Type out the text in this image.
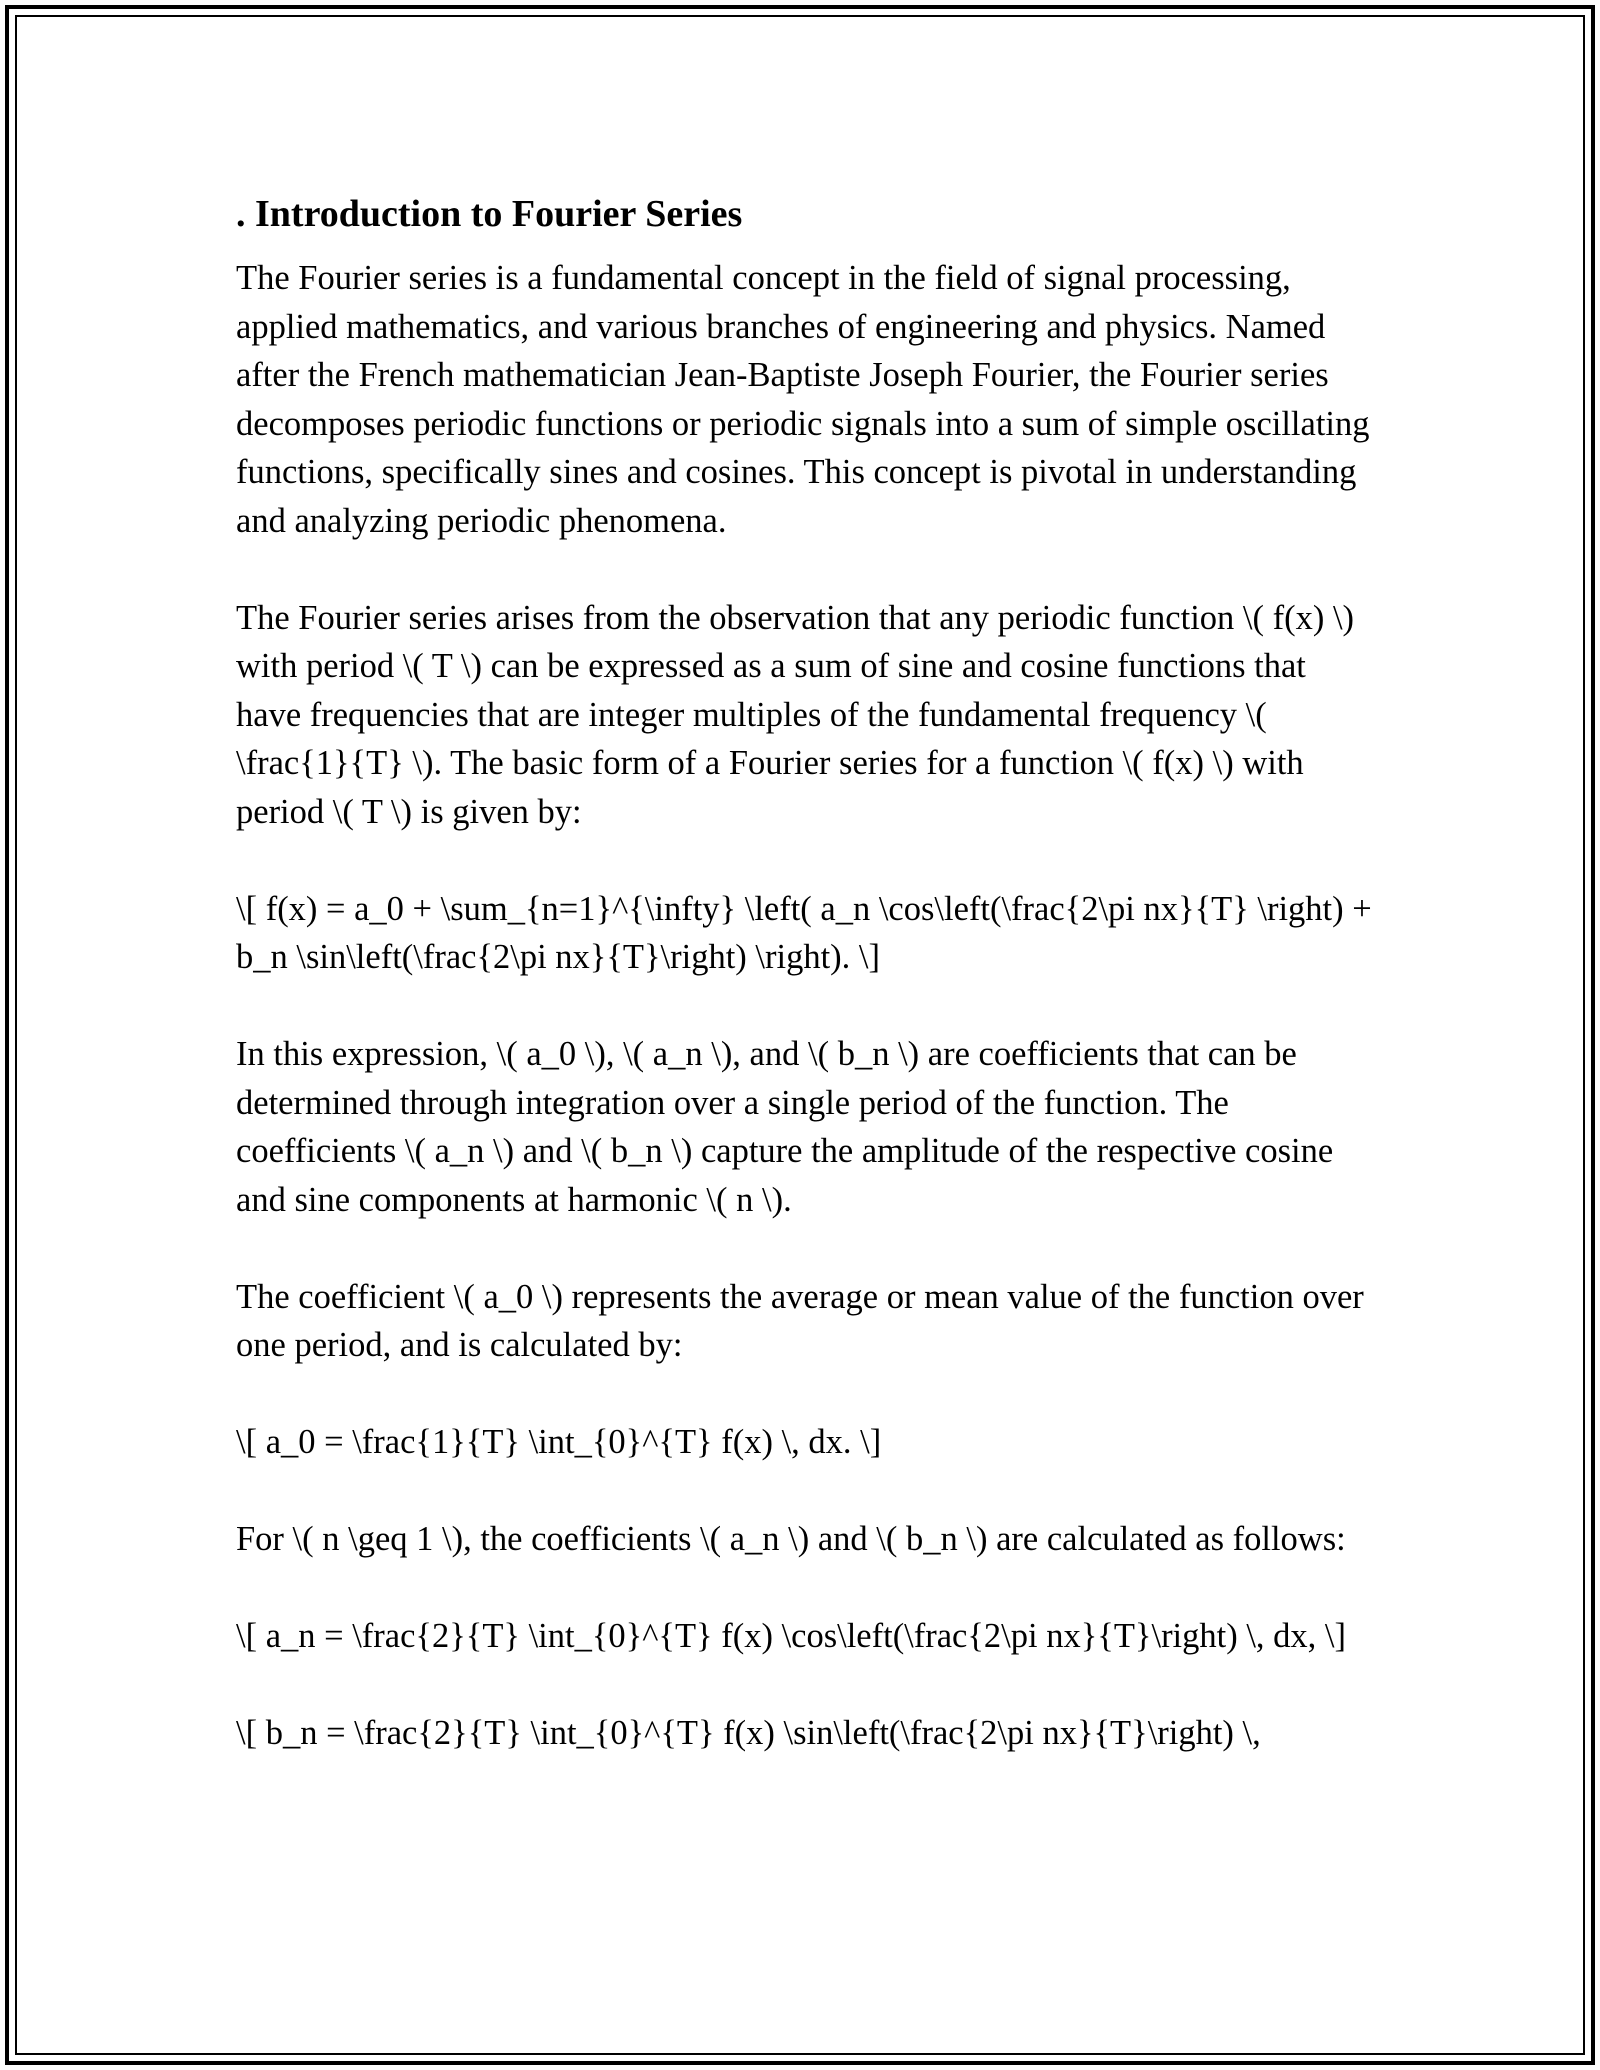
. Introduction to Fourier Series

The Fourier series is a fundamental concept in the field of signal processing, applied mathematics, and various branches of engineering and physics. Named after the French mathematician Jean-Baptiste Joseph Fourier, the Fourier series decomposes periodic functions or periodic signals into a sum of simple oscillating functions, specifically sines and cosines. This concept is pivotal in understanding and analyzing periodic phenomena.

The Fourier series arises from the observation that any periodic function \( f(x) \) with period \( T \) can be expressed as a sum of sine and cosine functions that have frequencies that are integer multiples of the fundamental frequency \( \frac{1}{T} \). The basic form of a Fourier series for a function \( f(x) \) with period \( T \) is given by:

\[ f(x) = a_0 + \sum_{n=1}^{\infty} \left( a_n \cos\left(\frac{2\pi nx}{T} \right) + b_n \sin\left(\frac{2\pi nx}{T}\right) \right). \]

In this expression, \( a_0 \), \( a_n \), and \( b_n \) are coefficients that can be determined through integration over a single period of the function. The coefficients \( a_n \) and \( b_n \) capture the amplitude of the respective cosine and sine components at harmonic \( n \).

The coefficient \( a_0 \) represents the average or mean value of the function over one period, and is calculated by:

\[ a_0 = \frac{1}{T} \int_{0}^{T} f(x) \, dx. \]

For \( n \geq 1 \), the coefficients \( a_n \) and \( b_n \) are calculated as follows:

\[ a_n = \frac{2}{T} \int_{0}^{T} f(x) \cos\left(\frac{2\pi nx}{T}\right) \, dx, \]

\[ b_n = \frac{2}{T} \int_{0}^{T} f(x) \sin\left(\frac{2\pi nx}{T}\right) \,
